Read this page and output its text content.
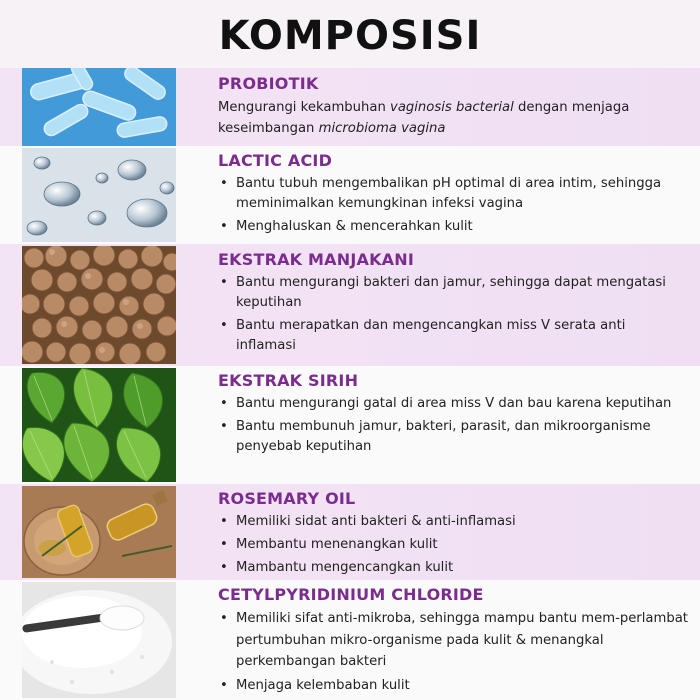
KOMPOSISI
PROBIOTIK

Mengurangi kekambuhan vaginosis bacterial dengan menjaga keseimbangan microbioma vagina

LACTIC ACID
• Bantu tubuh mengembalikan pH optimal di area intim, sehingga meminimalkan kemungkinan infeksi vagina
• Menghaluskan & mencerahkan kulit
EKSTRAK MANJAKANI
• Bantu mengurangi bakteri dan jamur, sehingga dapat mengatasi keputihan
• Bantu merapatkan dan mengencangkan miss V serata anti inflamasi
EKSTRAK SIRIH
• Bantu mengurangi gatal di area miss V dan bau karena keputihan
• Bantu membunuh jamur, bakteri, parasit, dan mikroorganisme penyebab keputihan
ROSEMARY OIL
• Memiliki sidat anti bakteri & anti-inflamasi
• Membantu menenangkan kulit
• Mambantu mengencangkan kulit
CETYLPYRIDINIUM CHLORIDE
• Memiliki sifat anti-mikroba, sehingga mampu bantu mem-perlambat pertumbuhan mikro-organisme pada kulit & menangkal perkembangan bakteri
• Menjaga kelembaban kulit
